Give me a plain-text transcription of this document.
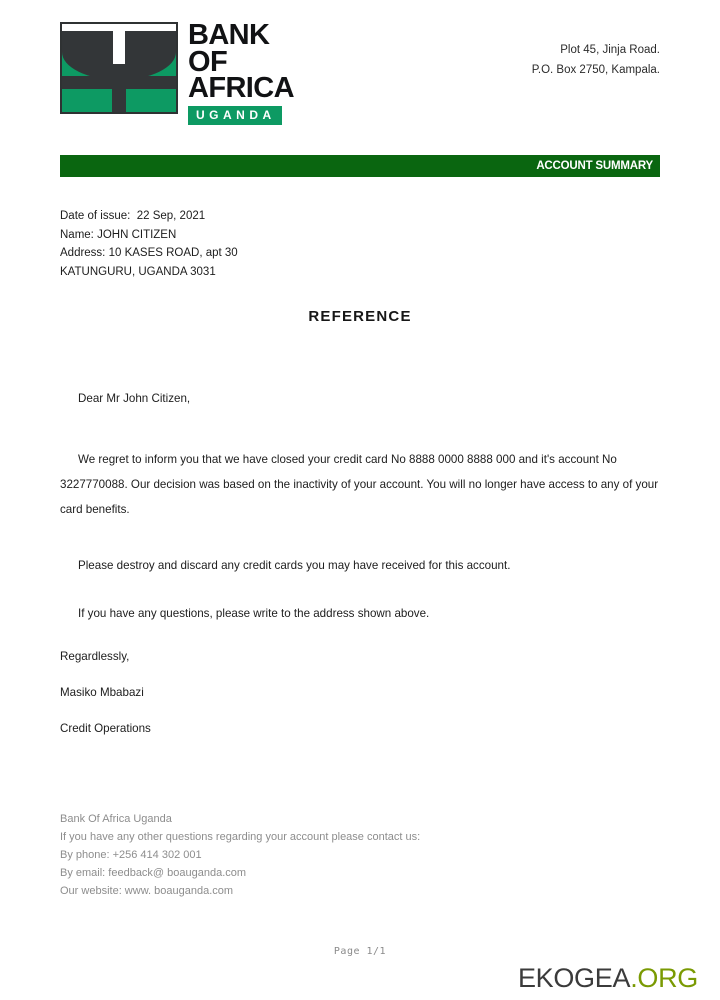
BANK
OF
AFRICA
UGANDA
Plot 45, Jinja Road.
P.O. Box 2750, Kampala.
ACCOUNT SUMMARY
Date of issue:  22 Sep, 2021
Name: JOHN CITIZEN
Address: 10 KASES ROAD, apt 30
KATUNGURU, UGANDA 3031
REFERENCE

Dear Mr John Citizen,

We regret to inform you that we have closed your credit card No 8888 0000 8888 000 and it's account No 3227770088. Our decision was based on the inactivity of your account. You will no longer have access to any of your card benefits.

Please destroy and discard any credit cards you may have received for this account.

If you have any questions, please write to the address shown above.

Regardlessly,
Masiko Mbabazi
Credit Operations
Bank Of Africa Uganda
If you have any other questions regarding your account please contact us:
By phone: +256 414 302 001
By email: feedback@ boauganda.com
Our website: www. boauganda.com
Page 1/1
EKOGEA.ORG
